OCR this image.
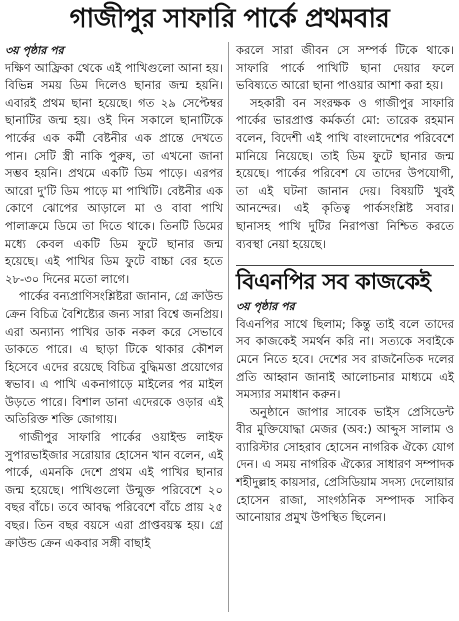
গাজীপুর সাফারি পার্কে প্রথমবার
৩য় পৃষ্ঠার পর

দক্ষিণ আফ্রিকা থেকে এই পাখিগুলো আনা হয়। বিভিন্ন সময় ডিম দিলেও ছানার জন্ম হয়নি। এবারই প্রথম ছানা হয়েছে। গত ২৯ সেপ্টেম্বর ছানাটির জন্ম হয়। ওই দিন সকালে ছানাটিকে পার্কের এক কর্মী বেষ্টনীর এক প্রান্তে দেখতে পান। সেটি স্ত্রী নাকি পুরুষ, তা এখনো জানা সম্ভব হয়নি। প্রথমে একটি ডিম পাড়ে। এরপর আরো দু'টি ডিম পাড়ে মা পাখিটি। বেষ্টনীর এক কোণে ঝোপের আড়ালে মা ও বাবা পাখি পালাক্রমে ডিমে তা দিতে থাকে। তিনটি ডিমের মধ্যে কেবল একটি ডিম ফুটে ছানার জন্ম হয়েছে। এই পাখির ডিম ফুটে বাচ্চা বের হতে ২৮-৩০ দিনের মতো লাগে।

পার্কের বন্যপ্রাণিসংশ্লিষ্টরা জানান, গ্রে ক্রাউন্ড ক্রেন বিচিত্র বৈশিষ্ট্যের জন্য সারা বিশ্বে জনপ্রিয়। এরা অন্যান্য পাখির ডাক নকল করে সেভাবে ডাকতে পারে। এ ছাড়া টিকে থাকার কৌশল হিসেবে এদের রয়েছে বিচিত্র বুদ্ধিমত্তা প্রয়োগের স্বভাব। এ পাখি একনাগাড়ে মাইলের পর মাইল উড়তে পারে। বিশাল ডানা এদেরকে ওড়ার এই অতিরিক্ত শক্তি জোগায়।

গাজীপুর সাফারি পার্কের ওয়াইল্ড লাইফ সুপারভাইজার সরোয়ার হোসেন খান বলেন, এই পার্কে, এমনকি দেশে প্রথম এই পাখির ছানার জন্ম হয়েছে। পাখিগুলো উন্মুক্ত পরিবেশে ২০ বছর বাঁচে। তবে আবদ্ধ পরিবেশে বাঁচে প্রায় ২৫ বছর। তিন বছর বয়সে এরা প্রাপ্তবয়স্ক হয়। গ্রে ক্রাউন্ড ক্রেন একবার সঙ্গী বাছাই

করলে সারা জীবন সে সম্পর্ক টিকে থাকে। সাফারি পার্কে পাখিটি ছানা দেয়ার ফলে ভবিষ্যতে আরো ছানা পাওয়ার আশা করা হয়।

সহকারী বন সংরক্ষক ও গাজীপুর সাফারি পার্কের ভারপ্রাপ্ত কর্মকর্তা মো: তারেক রহমান বলেন, বিদেশী এই পাখি বাংলাদেশের পরিবেশে মানিয়ে নিয়েছে। তাই ডিম ফুটে ছানার জন্ম হয়েছে। পার্কের পরিবেশ যে তাদের উপযোগী, তা এই ঘটনা জানান দেয়। বিষয়টি খুবই আনন্দের। এই কৃতিত্ব পার্কসংশ্লিষ্ট সবার। ছানাসহ পাখি দুটির নিরাপত্তা নিশ্চিত করতে ব্যবস্থা নেয়া হয়েছে।

বিএনপির সব কাজকেই
৩য় পৃষ্ঠার পর

বিএনপির সাথে ছিলাম; কিন্তু তাই বলে তাদের সব কাজকেই সমর্থন করি না। সত্যকে সবাইকে মেনে নিতে হবে। দেশের সব রাজনৈতিক দলের প্রতি আহ্বান জানাই আলোচনার মাধ্যমে এই সমস্যার সমাধান করুন।

অনুষ্ঠানে জাপার সাবেক ভাইস প্রেসিডেন্ট বীর মুক্তিযোদ্ধা মেজর (অব:) আব্দুস সালাম ও ব্যারিস্টার সোহরাব হোসেন নাগরিক ঐক্যে যোগ দেন। এ সময় নাগরিক ঐক্যের সাধারণ সম্পাদক শহীদুল্লাহ কায়সার, প্রেসিডিয়াম সদস্য দেলোয়ার হোসেন রাজা, সাংগঠনিক সম্পাদক সাকিব আনোয়ার প্রমুখ উপস্থিত ছিলেন।
